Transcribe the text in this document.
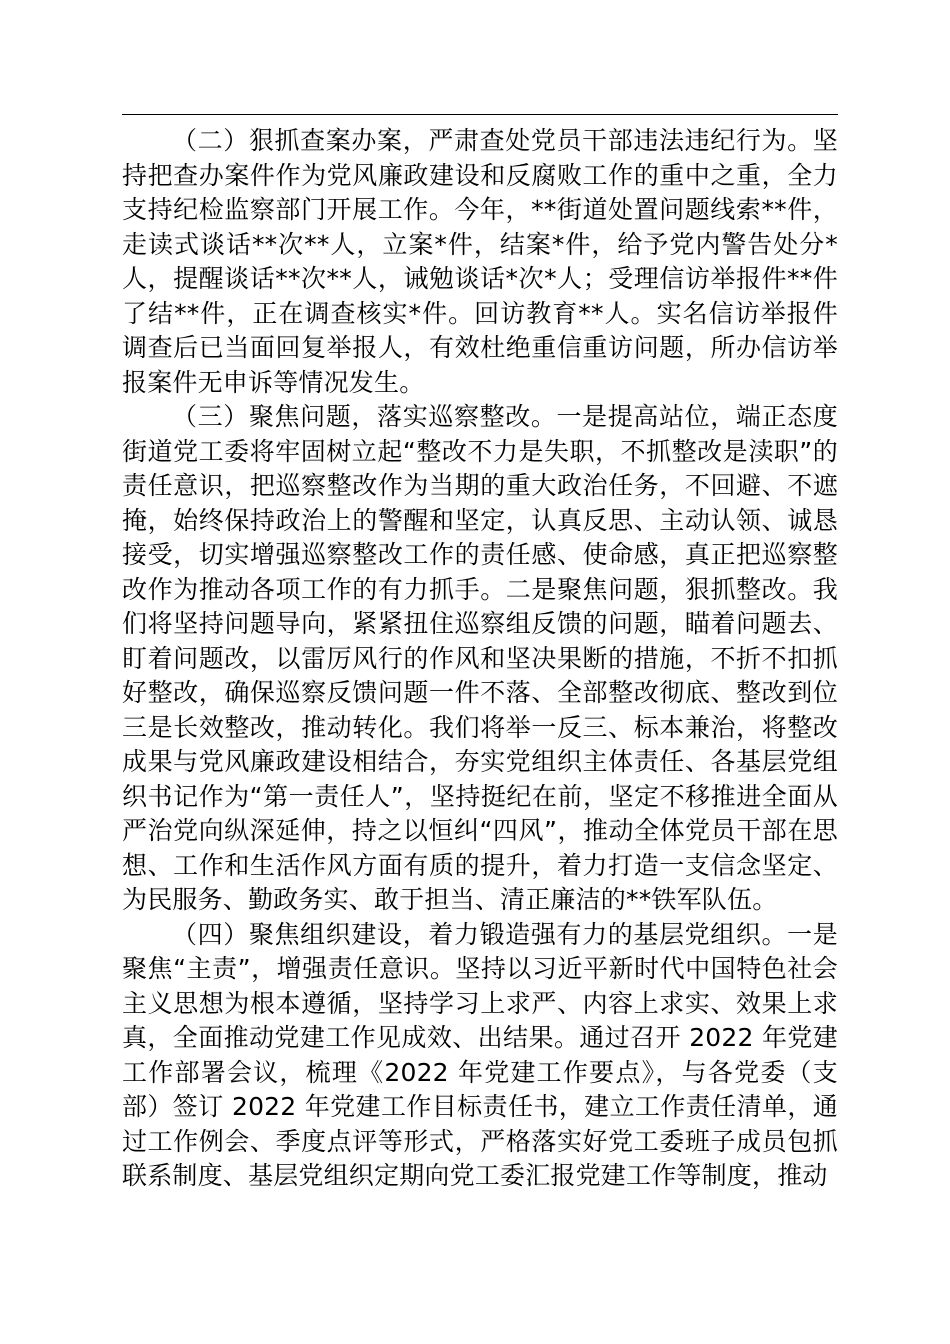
（二）狠抓查案办案，严肃查处党员干部违法违纪行为。坚持把查办案件作为党风廉政建设和反腐败工作的重中之重，全力支持纪检监察部门开展工作。今年，**街道处置问题线索**件，走读式谈话**次**人，立案*件，结案*件，给予党内警告处分*人，提醒谈话**次**人，诫勉谈话*次*人；受理信访举报件**件了结**件，正在调查核实*件。回访教育**人。实名信访举报件调查后已当面回复举报人，有效杜绝重信重访问题，所办信访举报案件无申诉等情况发生。

（三）聚焦问题，落实巡察整改。一是提高站位，端正态度街道党工委将牢固树立起“整改不力是失职，不抓整改是渎职”的责任意识，把巡察整改作为当期的重大政治任务，不回避、不遮掩，始终保持政治上的警醒和坚定，认真反思、主动认领、诚恳接受，切实增强巡察整改工作的责任感、使命感，真正把巡察整改作为推动各项工作的有力抓手。二是聚焦问题，狠抓整改。我们将坚持问题导向，紧紧扭住巡察组反馈的问题，瞄着问题去、盯着问题改，以雷厉风行的作风和坚决果断的措施，不折不扣抓好整改，确保巡察反馈问题一件不落、全部整改彻底、整改到位三是长效整改，推动转化。我们将举一反三、标本兼治，将整改成果与党风廉政建设相结合，夯实党组织主体责任、各基层党组织书记作为“第一责任人”，坚持挺纪在前，坚定不移推进全面从严治党向纵深延伸，持之以恒纠“四风”，推动全体党员干部在思想、工作和生活作风方面有质的提升，着力打造一支信念坚定、为民服务、勤政务实、敢于担当、清正廉洁的**铁军队伍。

（四）聚焦组织建设，着力锻造强有力的基层党组织。一是聚焦“主责”，增强责任意识。坚持以习近平新时代中国特色社会主义思想为根本遵循，坚持学习上求严、内容上求实、效果上求真，全面推动党建工作见成效、出结果。通过召开 2022 年党建工作部署会议，梳理《2022 年党建工作要点》，与各党委（支部）签订 2022 年党建工作目标责任书，建立工作责任清单，通过工作例会、季度点评等形式，严格落实好党工委班子成员包抓联系制度、基层党组织定期向党工委汇报党建工作等制度，推动
